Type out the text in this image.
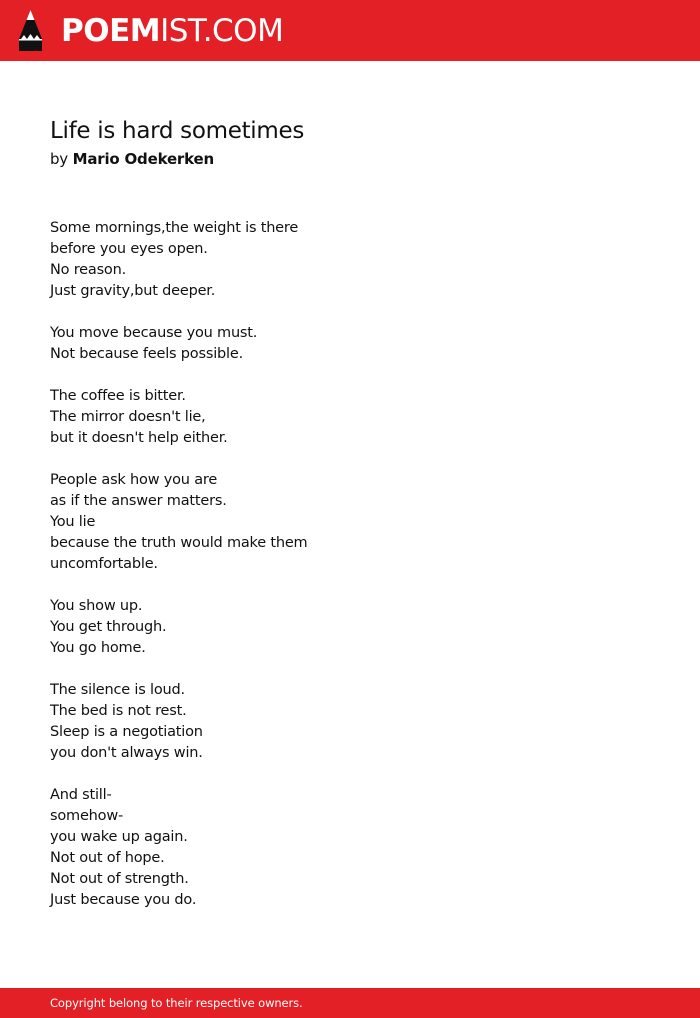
POEMIST.COM
Life is hard sometimes
by Mario Odekerken
Some mornings,the weight is there
before you eyes open.
No reason.
Just gravity,but deeper.
You move because you must.
Not because feels possible.
The coffee is bitter.
The mirror doesn't lie,
but it doesn't help either.
People ask how you are
as if the answer matters.
You lie
because the truth would make them
uncomfortable.
You show up.
You get through.
You go home.
The silence is loud.
The bed is not rest.
Sleep is a negotiation
you don't always win.
And still-
somehow-
you wake up again.
Not out of hope.
Not out of strength.
Just because you do.
Copyright belong to their respective owners.
